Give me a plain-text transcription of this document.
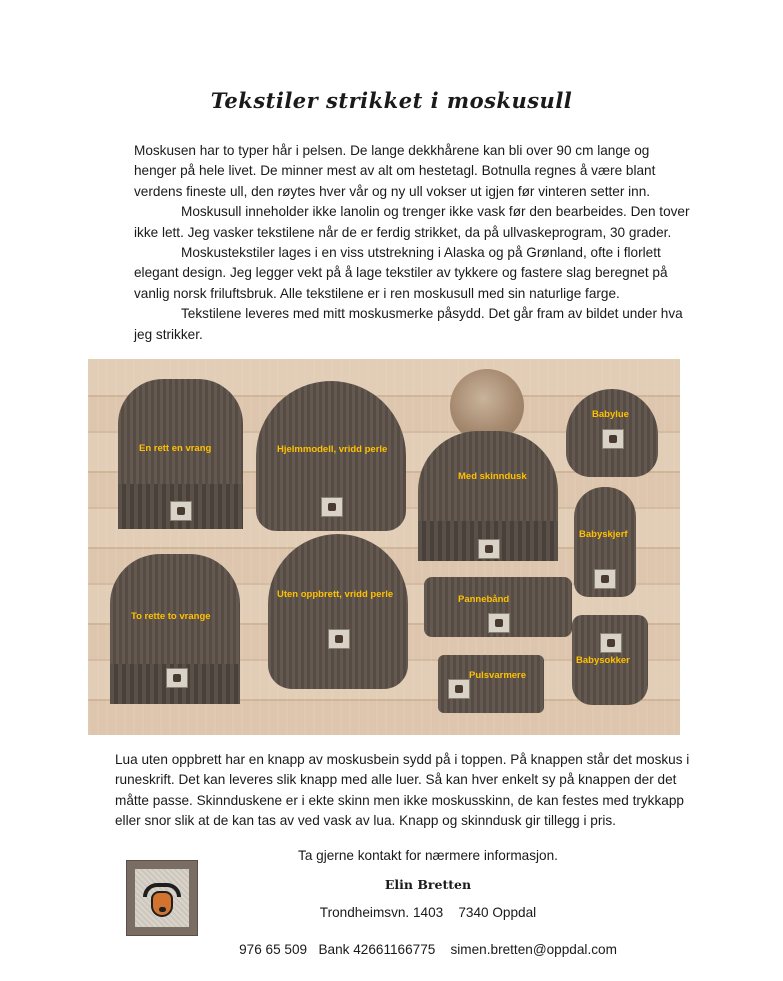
Tekstiler strikket i moskusull

Moskusen har to typer hår i pelsen. De lange dekkhårene kan bli over 90 cm lange og henger på hele livet. De minner mest av alt om hestetagl. Botnulla regnes å være blant verdens fineste ull, den røytes hver vår og ny ull vokser ut igjen før vinteren setter inn.

Moskusull inneholder ikke lanolin og trenger ikke vask før den bearbeides. Den tover ikke lett. Jeg vasker tekstilene når de er ferdig strikket, da på ullvaskeprogram, 30 grader.

Moskustekstiler lages i en viss utstrekning i Alaska og på Grønland, ofte i florlett elegant design. Jeg legger vekt på å lage tekstiler av tykkere og fastere slag beregnet på vanlig norsk friluftsbruk. Alle tekstilene er i ren moskusull med sin naturlige farge.

Tekstilene leveres med mitt moskusmerke påsydd. Det går fram av bildet under hva jeg strikker.

En rett en vrang	Hjelmmodell, vridd perle
Med skinndusk
Babylue
Babyskjerf
To rette to vrange
Uten oppbrett, vridd perle	Pannebånd
Pulsvarmere
Babysokker

Lua uten oppbrett har en knapp av moskusbein sydd på i toppen. På knappen står det moskus i runeskrift. Det kan leveres slik knapp med alle luer. Så kan hver enkelt sy på knappen der det måtte passe. Skinnduskene er i ekte skinn men ikke moskusskinn, de kan festes med trykkapp eller snor slik at de kan tas av ved vask av lua. Knapp og skinndusk gir tillegg i pris.

Ta gjerne kontakt for nærmere informasjon.
Elin Bretten
Trondheimsvn. 1403    7340 Oppdal
976 65 509   Bank 42661166775    simen.bretten@oppdal.com
